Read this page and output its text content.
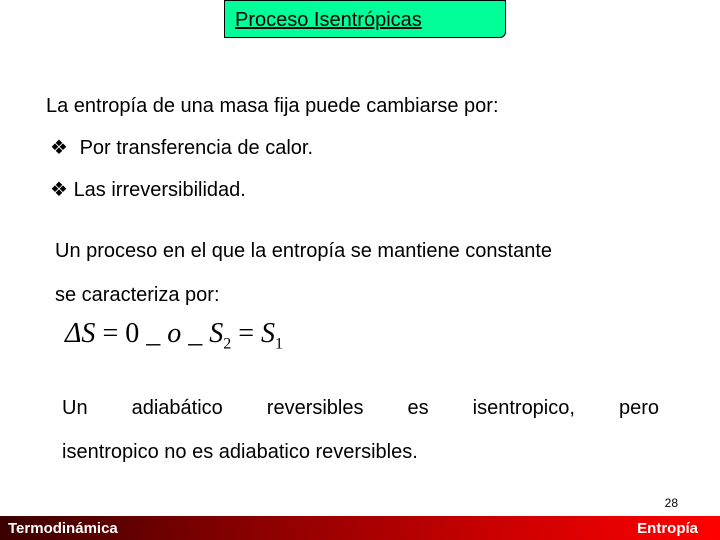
Proceso Isentrópicas
La entropía de una masa fija puede cambiarse por:
❖ Por transferencia de calor.
❖ Las irreversibilidad.
Un proceso en el que la entropía se mantiene constante
se caracteriza por:
ΔS = 0 _ o _ $S_2 = S_1$
Un adiabático reversibles es isentropico, pero
isentropico no es adiabatico reversibles.
28
Termodinámica	Entropía
